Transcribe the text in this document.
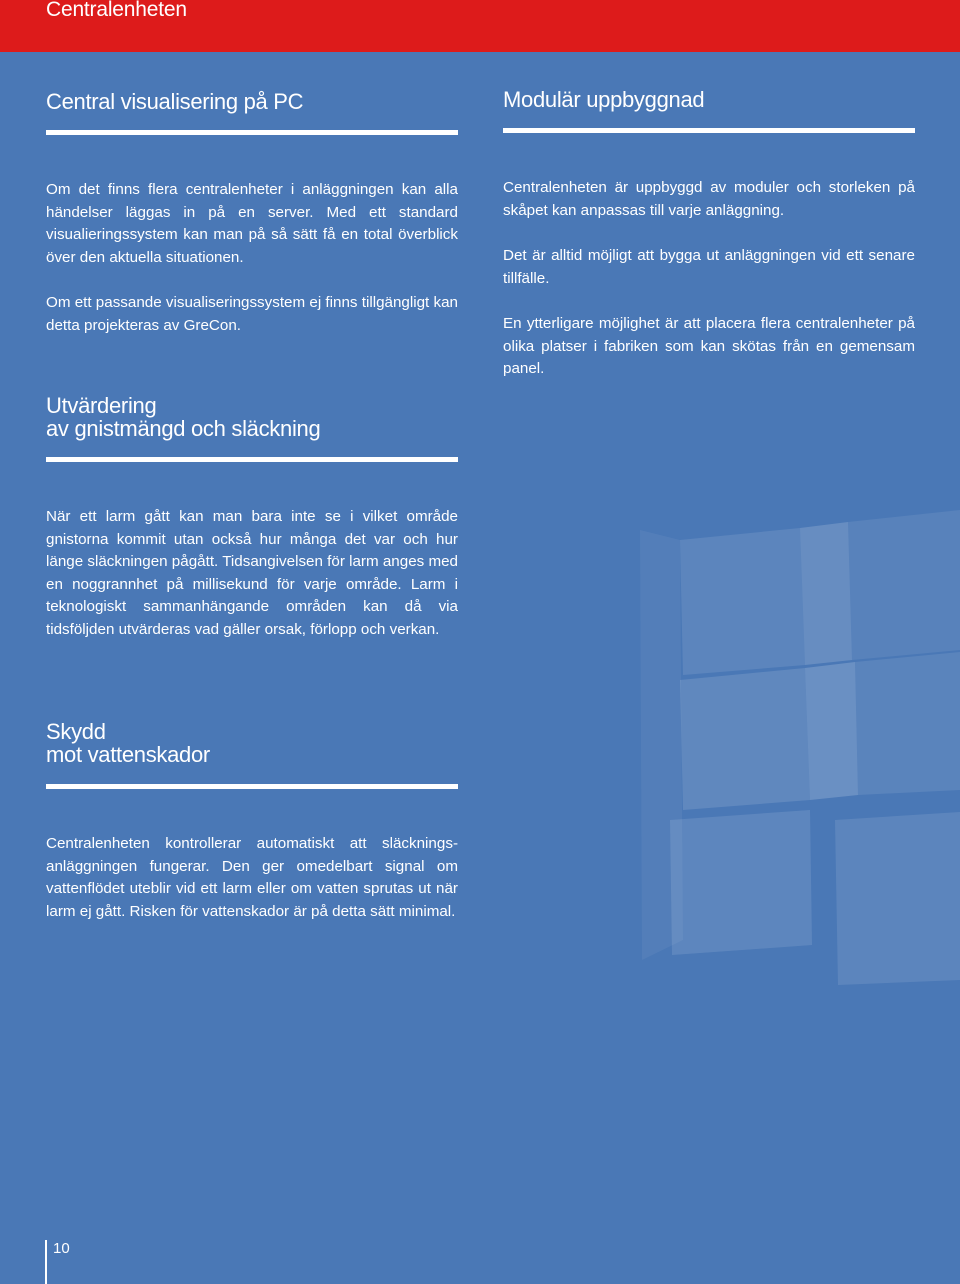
Centralenheten
Central visualisering på PC

Om det finns flera centralenheter i anläggningen kan alla händelser läggas in på en server. Med ett standard visualieringssystem kan man på så sätt få en total överblick över den aktuella situationen.

Om ett passande visualiseringssystem ej finns tillgängligt kan detta projekteras av GreCon.

Utvärdering
av gnistmängd och släckning

När ett larm gått kan man bara inte se i vilket område gnistorna kommit utan också hur många det var och hur länge släckningen pågått. Tidsangivelsen för larm anges med en noggrannhet på millisekund för varje område. Larm i teknologiskt sammanhängande områden kan då via tidsföljden utvärderas vad gäller orsak, förlopp och verkan.

Skydd
mot vattenskador

Centralenheten kontrollerar automatiskt att släckningsanläggningen fungerar. Den ger omedelbart signal om vattenflödet uteblir vid ett larm eller om vatten sprutas ut när larm ej gått. Risken för vattenskador är på detta sätt minimal.

Modulär uppbyggnad

Centralenheten är uppbyggd av moduler och storleken på skåpet kan anpassas till varje anläggning.

Det är alltid möjligt att bygga ut anläggningen vid ett senare tillfälle.

En ytterligare möjlighet är att placera flera centralenheter på olika platser i fabriken som kan skötas från en gemensam panel.

10
